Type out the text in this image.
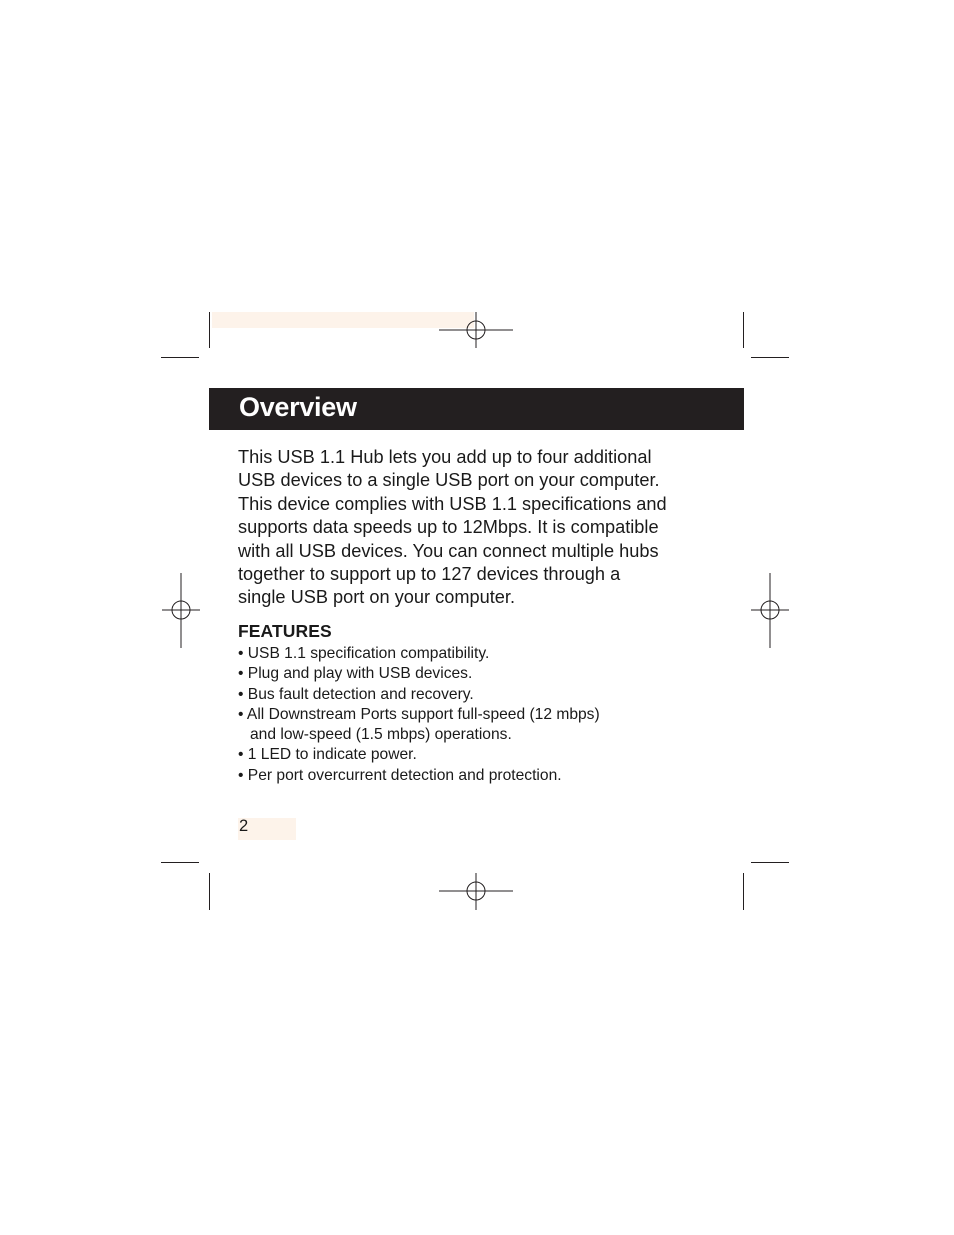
Overview

This USB 1.1 Hub lets you add up to four additional
USB devices to a single USB port on your computer.
This device complies with USB 1.1 specifications and
supports data speeds up to 12Mbps. It is compatible
with all USB devices. You can connect multiple hubs
together to support up to 127 devices through a
single USB port on your computer.

FEATURES
• USB 1.1 specification compatibility.
• Plug and play with USB devices.
• Bus fault detection and recovery.
• All Downstream Ports support full-speed (12 mbps)
and low-speed (1.5 mbps) operations.
• 1 LED to indicate power.
• Per port overcurrent detection and protection.
2
